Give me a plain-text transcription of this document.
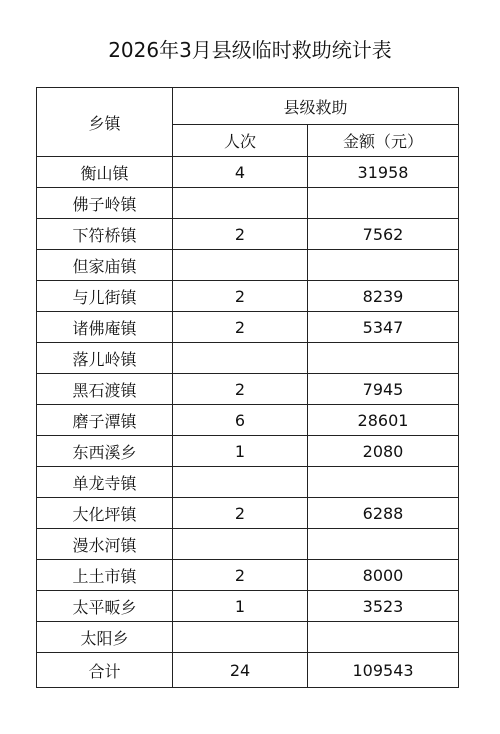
2026年3月县级临时救助统计表
乡镇	县级救助	
	人次	金额（元）
衡山镇	4	31958
佛子岭镇		
下符桥镇	2	7562
但家庙镇		
与儿街镇	2	8239
诸佛庵镇	2	5347
落儿岭镇		
黑石渡镇	2	7945
磨子潭镇	6	28601
东西溪乡	1	2080
单龙寺镇		
大化坪镇	2	6288
漫水河镇		
上土市镇	2	8000
太平畈乡	1	3523
太阳乡		
合计	24	109543
